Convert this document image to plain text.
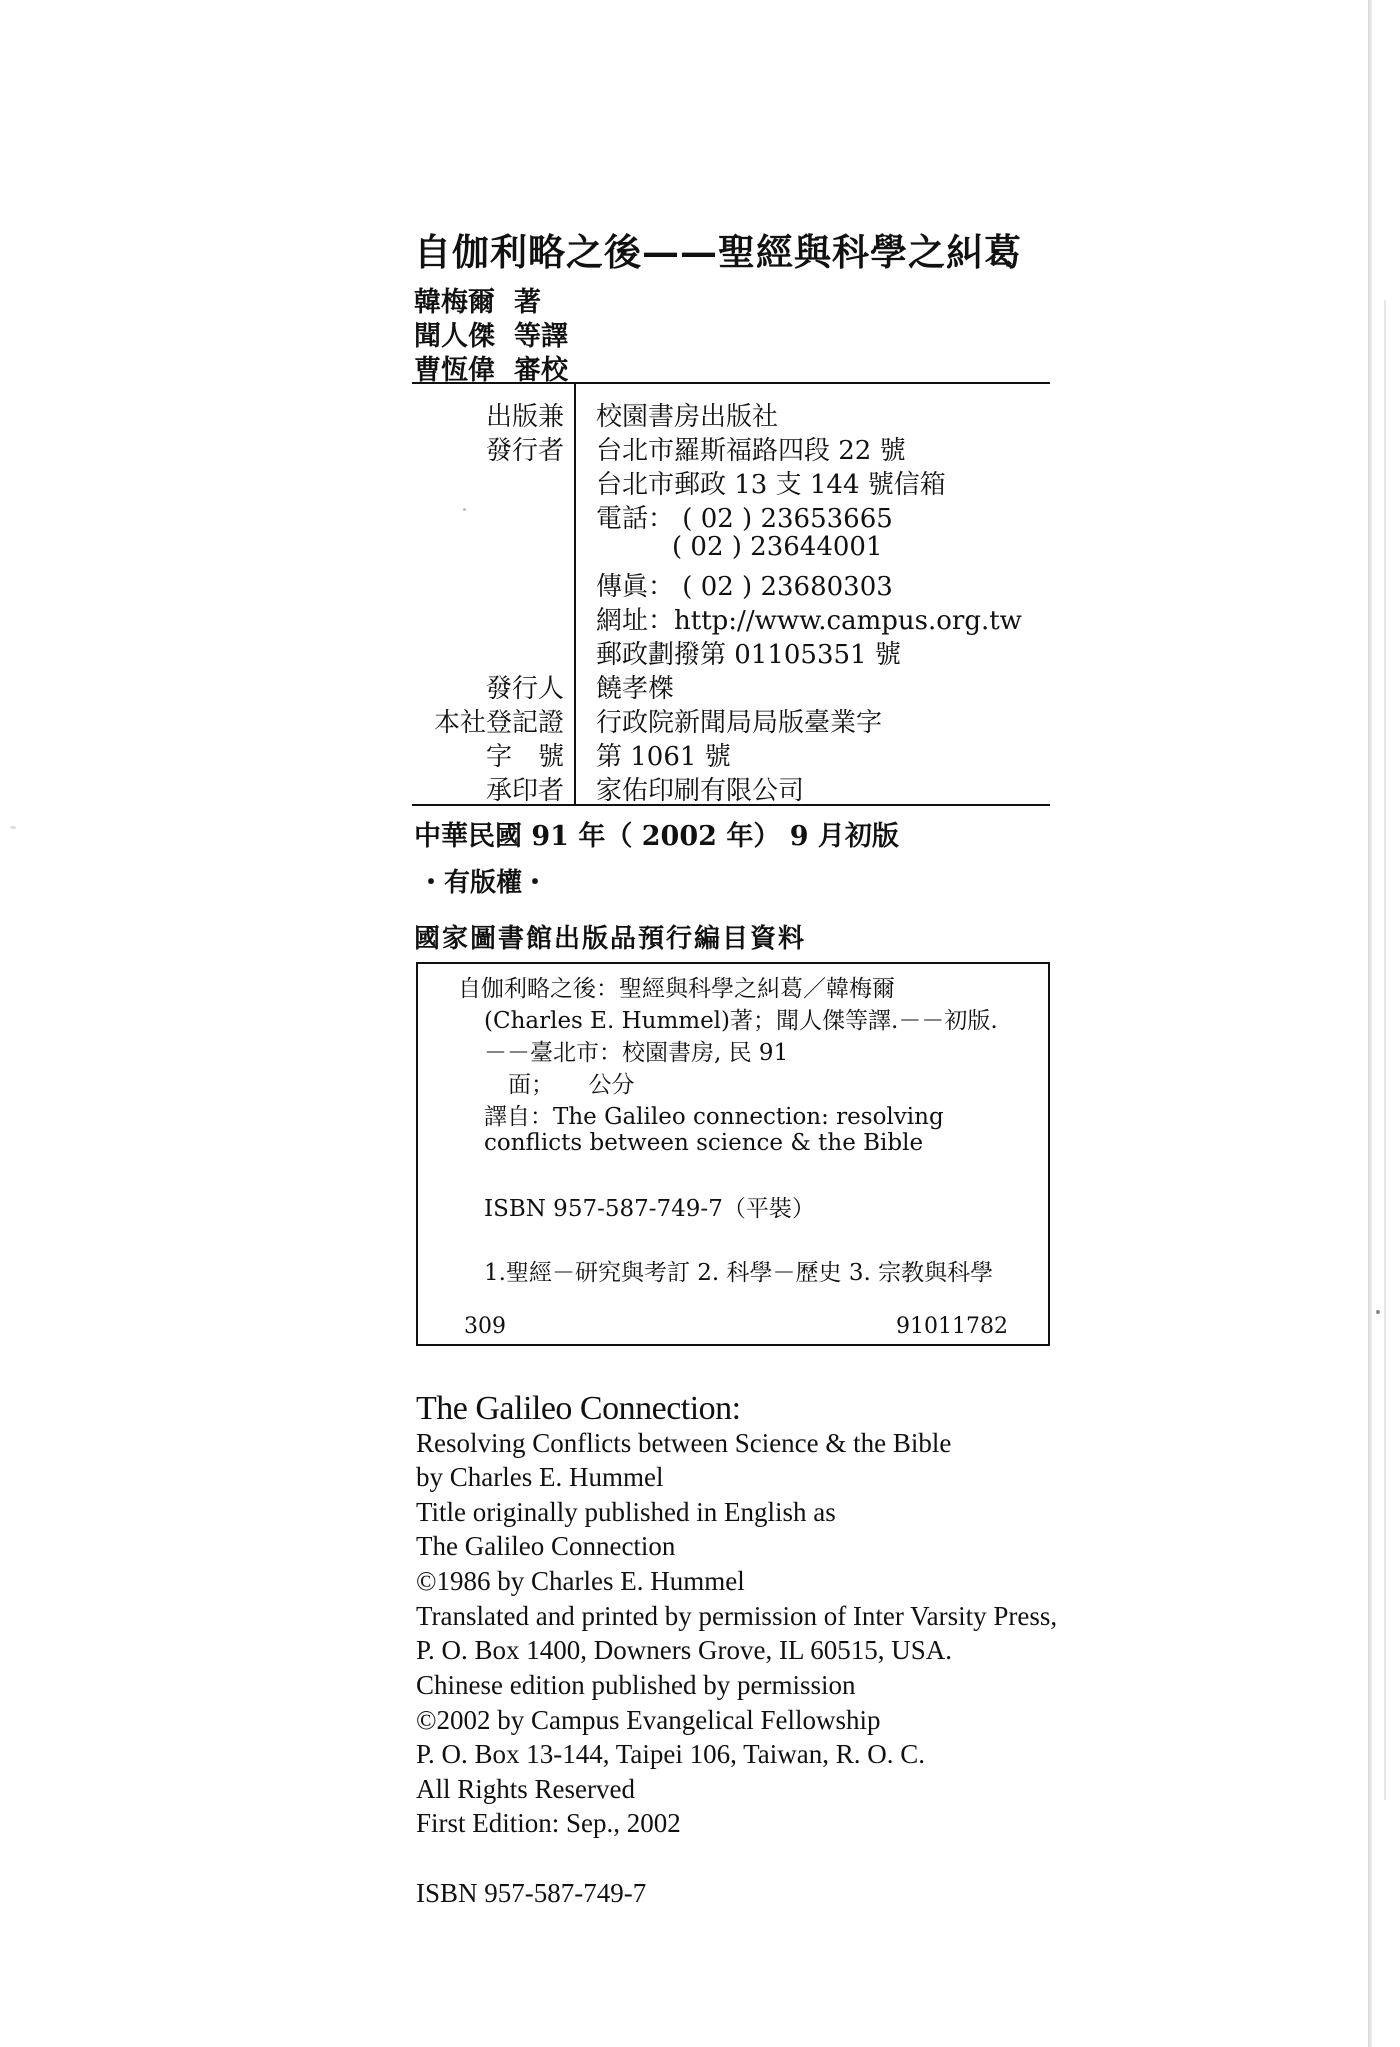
自伽利略之後——聖經與科學之糾葛
韓梅爾 著
聞人傑 等譯
曹恆偉 審校
出版兼
發行者
校園書房出版社
台北市羅斯福路四段 22 號
台北市郵政 13 支 144 號信箱
電話： ( 02 ) 23653665
( 02 ) 23644001
傳眞： ( 02 ) 23680303
網址：http://www.campus.org.tw
郵政劃撥第 01105351 號
發行人 饒孝榤
本社登記證 行政院新聞局局版臺業字
字　號 第 1061 號
承印者 家佑印刷有限公司
中華民國 91 年（ 2002 年） 9 月初版
・有版權・
國家圖書館出版品預行編目資料
自伽利略之後：聖經與科學之糾葛／韓梅爾
(Charles E. Hummel)著；聞人傑等譯.－－初版.
－－臺北市：校園書房, 民 91
面；　　公分
譯自：The Galileo connection: resolving
conflicts between science & the Bible
ISBN 957-587-749-7（平裝）
1.聖經－研究與考訂 2. 科學－歷史 3. 宗教與科學
309	91011782
The Galileo Connection:
Resolving Conflicts between Science & the Bible
by Charles E. Hummel
Title originally published in English as
The Galileo Connection
©1986 by Charles E. Hummel
Translated and printed by permission of Inter Varsity Press,
P. O. Box 1400, Downers Grove, IL 60515, USA.
Chinese edition published by permission
©2002 by Campus Evangelical Fellowship
P. O. Box 13-144, Taipei 106, Taiwan, R. O. C.
All Rights Reserved
First Edition: Sep., 2002
ISBN 957-587-749-7
